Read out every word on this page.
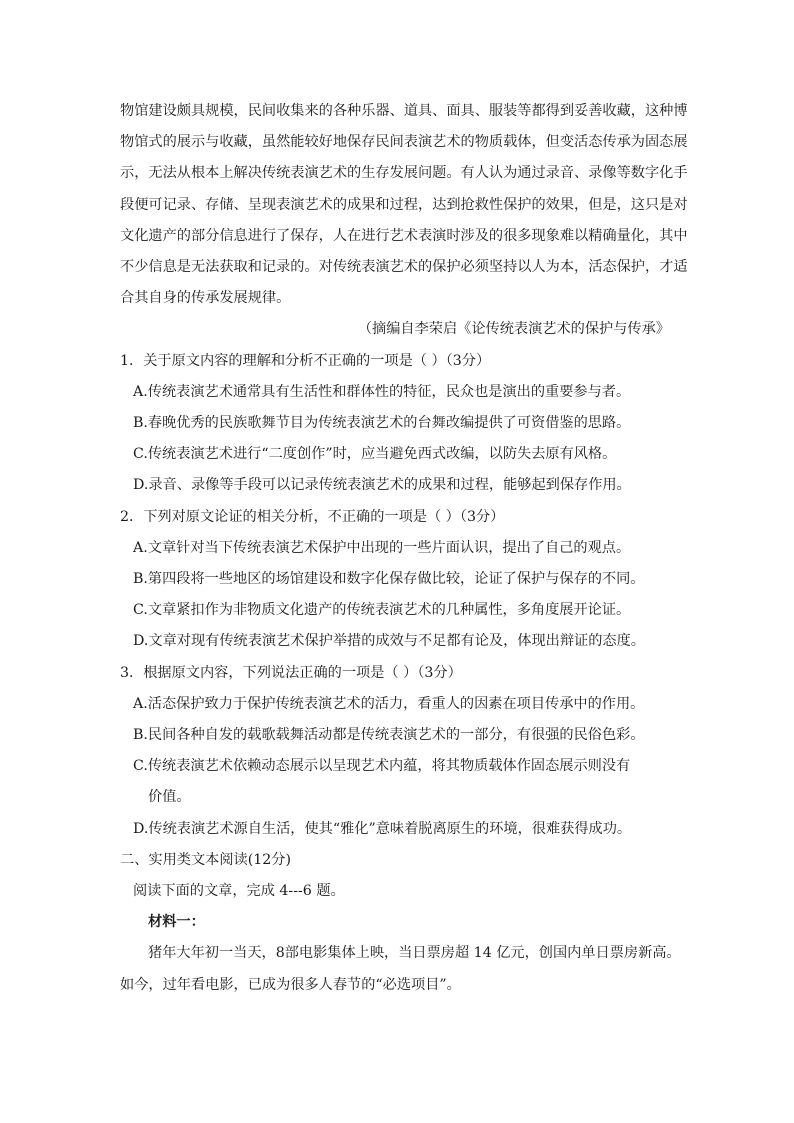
物馆建设颇具规模，民间收集来的各种乐器、道具、面具、服装等都得到妥善收藏，这种博
物馆式的展示与收藏，虽然能较好地保存民间表演艺术的物质载体，但变活态传承为固态展
示，无法从根本上解决传统表演艺术的生存发展问题。有人认为通过录音、录像等数字化手
段便可记录、存储、呈现表演艺术的成果和过程，达到抢救性保护的效果，但是，这只是对
文化遗产的部分信息进行了保存，人在进行艺术表演时涉及的很多现象难以精确量化，其中
不少信息是无法获取和记录的。对传统表演艺术的保护必须坚持以人为本，活态保护，才适
合其自身的传承发展规律。

（摘编自李荣启《论传统表演艺术的保护与传承》

1．关于原文内容的理解和分析不正确的一项是（ ）（3分）

A.传统表演艺术通常具有生活性和群体性的特征，民众也是演出的重要参与者。

B.春晚优秀的民族歌舞节目为传统表演艺术的台舞改编提供了可资借鉴的思路。

C.传统表演艺术进行“二度创作”时，应当避免西式改编，以防失去原有风格。

D.录音、录像等手段可以记录传统表演艺术的成果和过程，能够起到保存作用。

2．下列对原文论证的相关分析，不正确的一项是（ ）（3分）

A.文章针对当下传统表演艺术保护中出现的一些片面认识，提出了自己的观点。

B.第四段将一些地区的场馆建设和数字化保存做比较，论证了保护与保存的不同。

C.文章紧扣作为非物质文化遗产的传统表演艺术的几种属性，多角度展开论证。

D.文章对现有传统表演艺术保护举措的成效与不足都有论及，体现出辩证的态度。

3．根据原文内容，下列说法正确的一项是（ ）（3分）

A.活态保护致力于保护传统表演艺术的活力，看重人的因素在项目传承中的作用。

B.民间各种自发的载歌载舞活动都是传统表演艺术的一部分，有很强的民俗色彩。

C.传统表演艺术依赖动态展示以呈现艺术内蕴，将其物质载体作固态展示则没有

价值。

D.传统表演艺术源自生活，使其“雅化”意味着脱离原生的环境，很难获得成功。

二、实用类文本阅读(12分)

阅读下面的文章，完成 4---6 题。

材料一：

猪年大年初一当天，8部电影集体上映，当日票房超 14 亿元，创国内单日票房新高。
如今，过年看电影，已成为很多人春节的“必选项目”。
